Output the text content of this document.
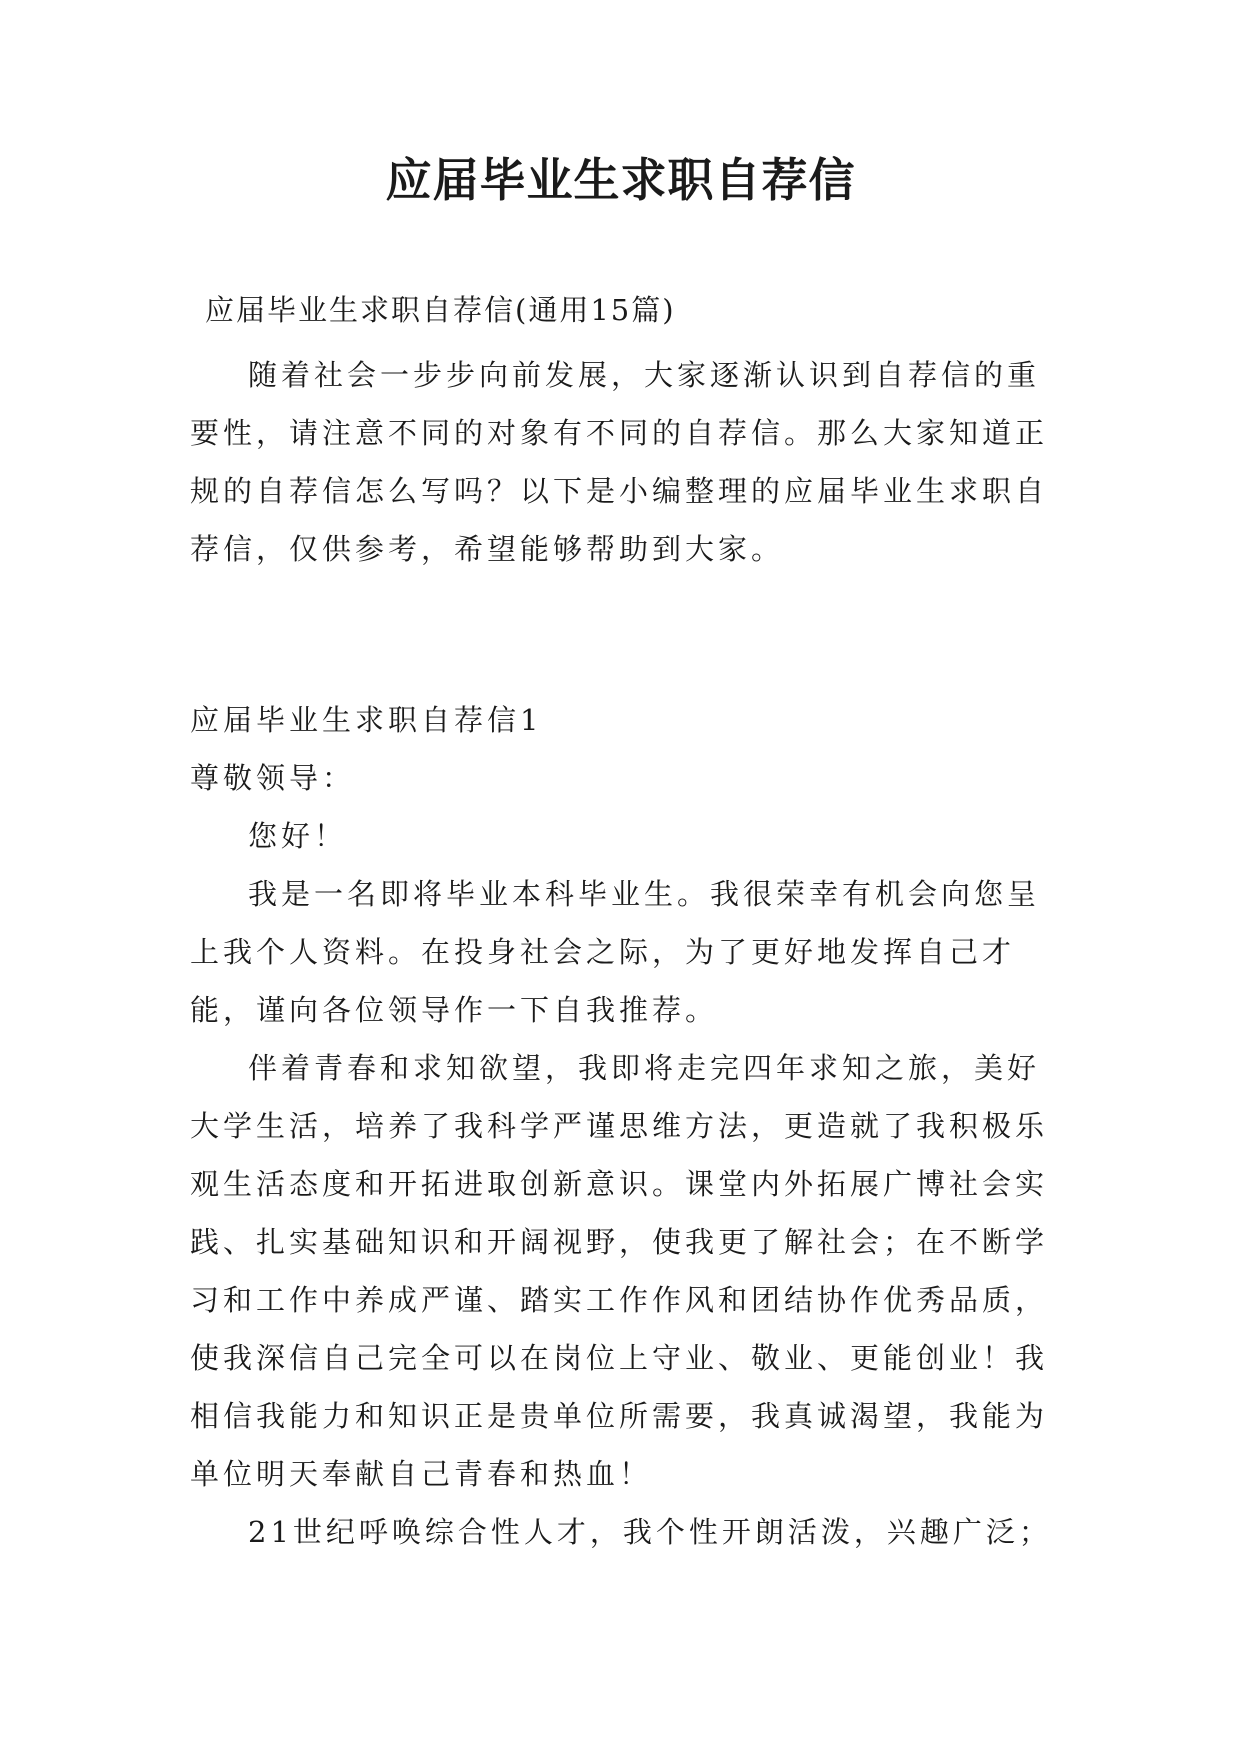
应届毕业生求职自荐信
应届毕业生求职自荐信(通用15篇)

随着社会一步步向前发展，大家逐渐认识到自荐信的重要性，请注意不同的对象有不同的自荐信。那么大家知道正规的自荐信怎么写吗？以下是小编整理的应届毕业生求职自荐信，仅供参考，希望能够帮助到大家。

应届毕业生求职自荐信1

尊敬领导：

您好！

我是一名即将毕业本科毕业生。我很荣幸有机会向您呈上我个人资料。在投身社会之际，为了更好地发挥自己才能，谨向各位领导作一下自我推荐。

伴着青春和求知欲望，我即将走完四年求知之旅，美好大学生活，培养了我科学严谨思维方法，更造就了我积极乐观生活态度和开拓进取创新意识。课堂内外拓展广博社会实践、扎实基础知识和开阔视野，使我更了解社会；在不断学习和工作中养成严谨、踏实工作作风和团结协作优秀品质，使我深信自己完全可以在岗位上守业、敬业、更能创业！我相信我能力和知识正是贵单位所需要，我真诚渴望，我能为单位明天奉献自己青春和热血！

21世纪呼唤综合性人才，我个性开朗活泼，兴趣广泛；
